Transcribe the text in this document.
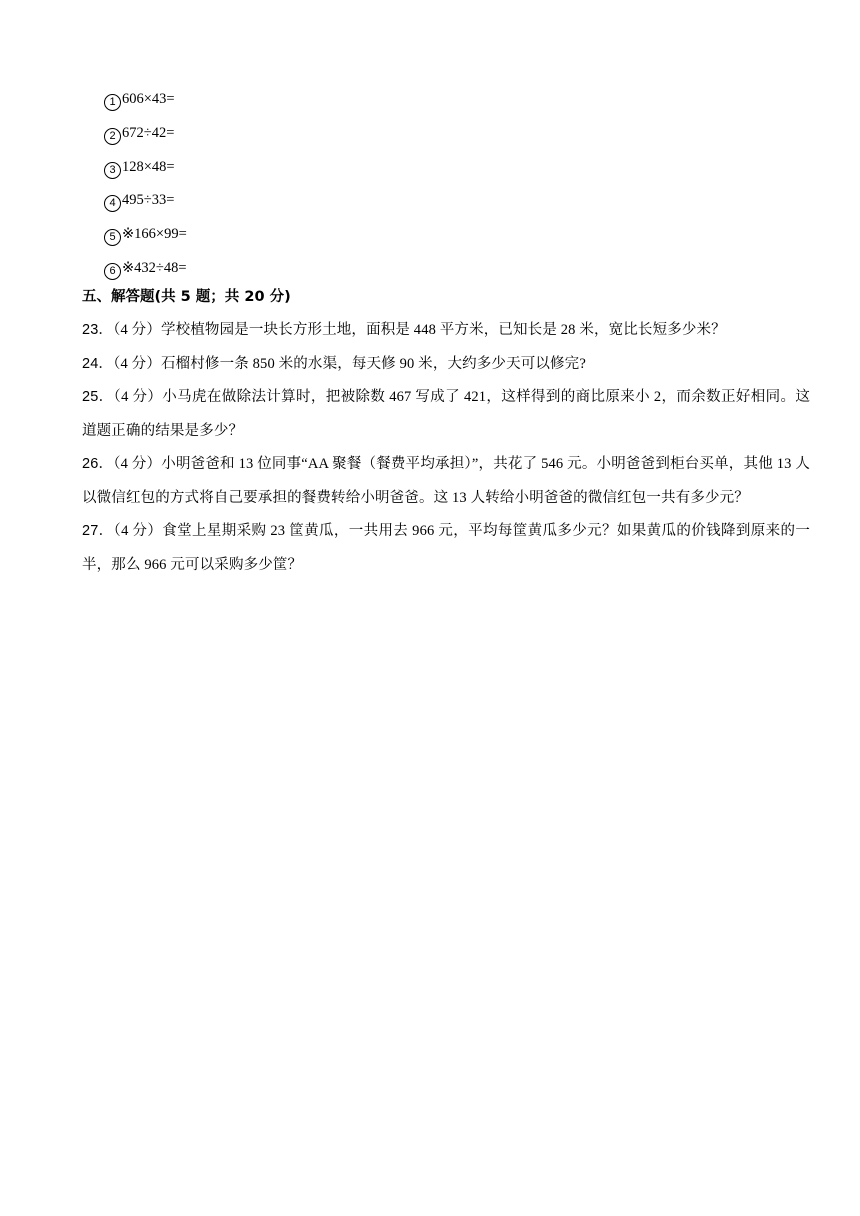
1 606×43=
2 672÷42=
3 128×48=
4 495÷33=
5 ※166×99=
6 ※432÷48=
五、解答题(共 5 题；共 20 分)
23．（4 分）学校植物园是一块长方形土地，面积是 448 平方米，已知长是 28 米，宽比长短多少米？
24．（4 分）石榴村修一条 850 米的水渠，每天修 90 米，大约多少天可以修完?
25．（4 分）小马虎在做除法计算时，把被除数 467 写成了 421，这样得到的商比原来小 2，而余数正好相同。这道题正确的结果是多少？
26．（4 分）小明爸爸和 13 位同事“AA 聚餐（餐费平均承担）”，共花了 546 元。小明爸爸到柜台买单，其他 13 人以微信红包的方式将自己要承担的餐费转给小明爸爸。这 13 人转给小明爸爸的微信红包一共有多少元？
27．（4 分）食堂上星期采购 23 筐黄瓜，一共用去 966 元，平均每筐黄瓜多少元？如果黄瓜的价钱降到原来的一半，那么 966 元可以采购多少筐？
